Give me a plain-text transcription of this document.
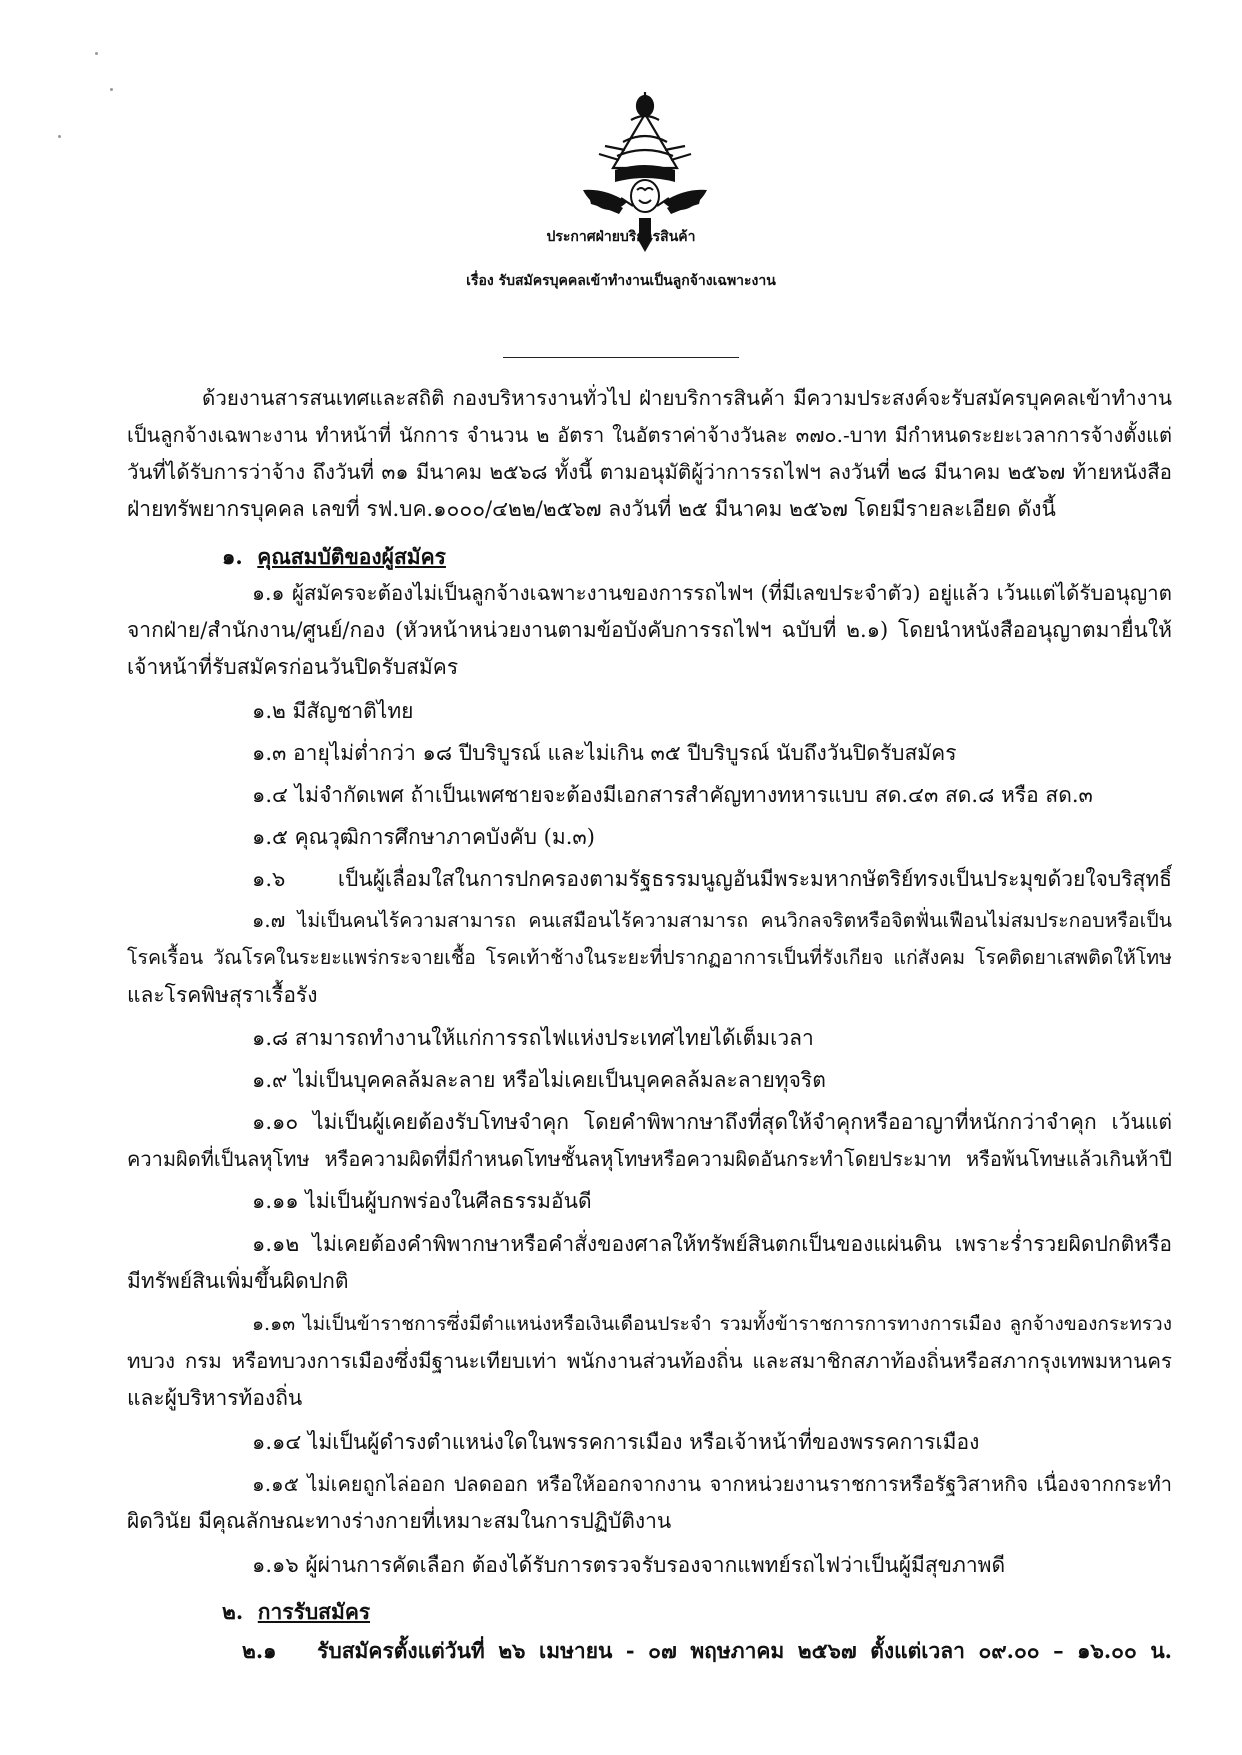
ประกาศฝ่ายบริการสินค้า
เรื่อง รับสมัครบุคคลเข้าทำงานเป็นลูกจ้างเฉพาะงาน
ด้วยงานสารสนเทศและสถิติ กองบริหารงานทั่วไป ฝ่ายบริการสินค้า มีความประสงค์จะรับสมัครบุคคลเข้าทำงาน
เป็นลูกจ้างเฉพาะงาน ทำหน้าที่ นักการ จำนวน ๒ อัตรา ในอัตราค่าจ้างวันละ ๓๗๐.-บาท มีกำหนดระยะเวลาการจ้างตั้งแต่
วันที่ได้รับการว่าจ้าง ถึงวันที่ ๓๑ มีนาคม ๒๕๖๘ ทั้งนี้ ตามอนุมัติผู้ว่าการรถไฟฯ ลงวันที่ ๒๘ มีนาคม ๒๕๖๗ ท้ายหนังสือ
ฝ่ายทรัพยากรบุคคล เลขที่ รฟ.บค.๑๐๐๐/๔๒๒/๒๕๖๗ ลงวันที่ ๒๕ มีนาคม ๒๕๖๗ โดยมีรายละเอียด ดังนี้
๑. คุณสมบัติของผู้สมัคร
๑.๑ ผู้สมัครจะต้องไม่เป็นลูกจ้างเฉพาะงานของการรถไฟฯ (ที่มีเลขประจำตัว) อยู่แล้ว เว้นแต่ได้รับอนุญาต
จากฝ่าย/สำนักงาน/ศูนย์/กอง (หัวหน้าหน่วยงานตามข้อบังคับการรถไฟฯ ฉบับที่ ๒.๑) โดยนำหนังสืออนุญาตมายื่นให้
เจ้าหน้าที่รับสมัครก่อนวันปิดรับสมัคร
๑.๒ มีสัญชาติไทย
๑.๓ อายุไม่ต่ำกว่า ๑๘ ปีบริบูรณ์ และไม่เกิน ๓๕ ปีบริบูรณ์ นับถึงวันปิดรับสมัคร
๑.๔ ไม่จำกัดเพศ ถ้าเป็นเพศชายจะต้องมีเอกสารสำคัญทางทหารแบบ สด.๔๓ สด.๘ หรือ สด.๓
๑.๕ คุณวุฒิการศึกษาภาคบังคับ (ม.๓)
๑.๖ เป็นผู้เลื่อมใสในการปกครองตามรัฐธรรมนูญอันมีพระมหากษัตริย์ทรงเป็นประมุขด้วยใจบริสุทธิ์
๑.๗ ไม่เป็นคนไร้ความสามารถ คนเสมือนไร้ความสามารถ คนวิกลจริตหรือจิตฟั่นเฟือนไม่สมประกอบหรือเป็น
โรคเรื้อน วัณโรคในระยะแพร่กระจายเชื้อ โรคเท้าช้างในระยะที่ปรากฏอาการเป็นที่รังเกียจ แก่สังคม โรคติดยาเสพติดให้โทษ
และโรคพิษสุราเรื้อรัง
๑.๘ สามารถทำงานให้แก่การรถไฟแห่งประเทศไทยได้เต็มเวลา
๑.๙ ไม่เป็นบุคคลล้มละลาย หรือไม่เคยเป็นบุคคลล้มละลายทุจริต
๑.๑๐ ไม่เป็นผู้เคยต้องรับโทษจำคุก โดยคำพิพากษาถึงที่สุดให้จำคุกหรืออาญาที่หนักกว่าจำคุก เว้นแต่
ความผิดที่เป็นลหุโทษ หรือความผิดที่มีกำหนดโทษชั้นลหุโทษหรือความผิดอันกระทำโดยประมาท หรือพ้นโทษแล้วเกินห้าปี
๑.๑๑ ไม่เป็นผู้บกพร่องในศีลธรรมอันดี
๑.๑๒ ไม่เคยต้องคำพิพากษาหรือคำสั่งของศาลให้ทรัพย์สินตกเป็นของแผ่นดิน เพราะร่ำรวยผิดปกติหรือ
มีทรัพย์สินเพิ่มขึ้นผิดปกติ
๑.๑๓ ไม่เป็นข้าราชการซึ่งมีตำแหน่งหรือเงินเดือนประจำ รวมทั้งข้าราชการการทางการเมือง ลูกจ้างของกระทรวง
ทบวง กรม หรือทบวงการเมืองซึ่งมีฐานะเทียบเท่า พนักงานส่วนท้องถิ่น และสมาชิกสภาท้องถิ่นหรือสภากรุงเทพมหานคร
และผู้บริหารท้องถิ่น
๑.๑๔ ไม่เป็นผู้ดำรงตำแหน่งใดในพรรคการเมือง หรือเจ้าหน้าที่ของพรรคการเมือง
๑.๑๕ ไม่เคยถูกไล่ออก ปลดออก หรือให้ออกจากงาน จากหน่วยงานราชการหรือรัฐวิสาหกิจ เนื่องจากกระทำ
ผิดวินัย มีคุณลักษณะทางร่างกายที่เหมาะสมในการปฏิบัติงาน
๑.๑๖ ผู้ผ่านการคัดเลือก ต้องได้รับการตรวจรับรองจากแพทย์รถไฟว่าเป็นผู้มีสุขภาพดี
๒. การรับสมัคร
๒.๑ รับสมัครตั้งแต่วันที่ ๒๖ เมษายน - ๐๗ พฤษภาคม ๒๕๖๗ ตั้งแต่เวลา ๐๙.๐๐ – ๑๖.๐๐ น.
